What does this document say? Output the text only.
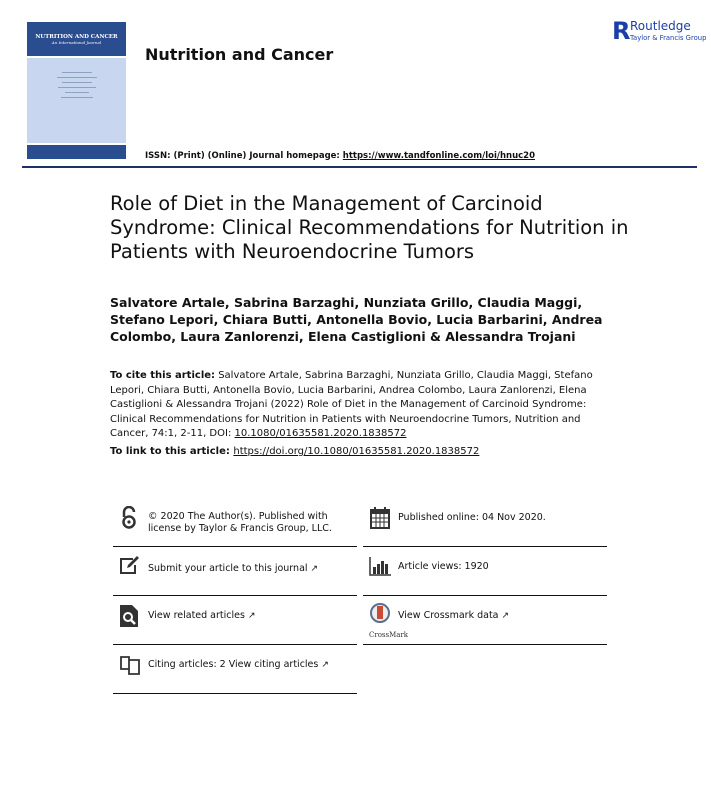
NUTRITION AND CANCER
An International Journal
Nutrition and Cancer
ISSN: (Print) (Online) Journal homepage: https://www.tandfonline.com/loi/hnuc20
R Routledge
Taylor & Francis Group
Role of Diet in the Management of Carcinoid Syndrome: Clinical Recommendations for Nutrition in Patients with Neuroendocrine Tumors
Salvatore Artale, Sabrina Barzaghi, Nunziata Grillo, Claudia Maggi, Stefano Lepori, Chiara Butti, Antonella Bovio, Lucia Barbarini, Andrea Colombo, Laura Zanlorenzi, Elena Castiglioni & Alessandra Trojani
To cite this article: Salvatore Artale, Sabrina Barzaghi, Nunziata Grillo, Claudia Maggi, Stefano Lepori, Chiara Butti, Antonella Bovio, Lucia Barbarini, Andrea Colombo, Laura Zanlorenzi, Elena Castiglioni & Alessandra Trojani (2022) Role of Diet in the Management of Carcinoid Syndrome: Clinical Recommendations for Nutrition in Patients with Neuroendocrine Tumors, Nutrition and Cancer, 74:1, 2-11, DOI: 10.1080/01635581.2020.1838572
To link to this article: https://doi.org/10.1080/01635581.2020.1838572
© 2020 The Author(s). Published with
license by Taylor & Francis Group, LLC.
Published online: 04 Nov 2020.
Submit your article to this journal ↗	Article views: 1920
View related articles ↗
CrossMark
View Crossmark data ↗
Citing articles: 2 View citing articles ↗
